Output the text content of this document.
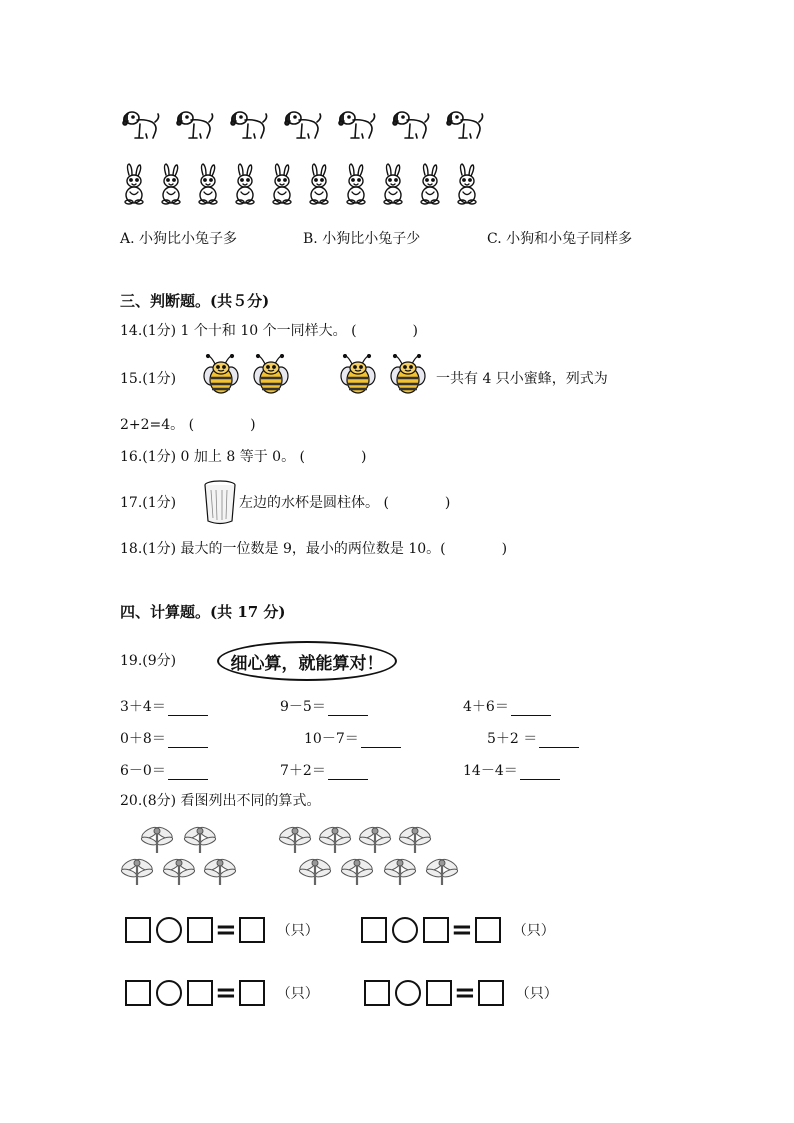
A. 小狗比小兔子多	B. 小狗比小兔子少	C. 小狗和小兔子同样多
三、判断题。(共５分)
14.(1分) 1 个十和 10 个一同样大。 (	)
15.(1分)	一共有 4 只小蜜蜂，列式为
2+2=4。 (	)
16.(1分) 0 加上 8 等于 0。 (	)
17.(1分)	左边的水杯是圆柱体。 (	)
18.(1分) 最大的一位数是 9，最小的两位数是 10。(	)
四、计算题。(共 17 分)
19.(9分)	细心算，就能算对！
3＋4＝	9－5＝	4＋6＝
0＋8＝	10－7＝	5＋2 ＝
6－0＝	7＋2＝	14－4＝
20.(8分) 看图列出不同的算式。
=	（只）	=	（只）
=	（只）	=	（只）
